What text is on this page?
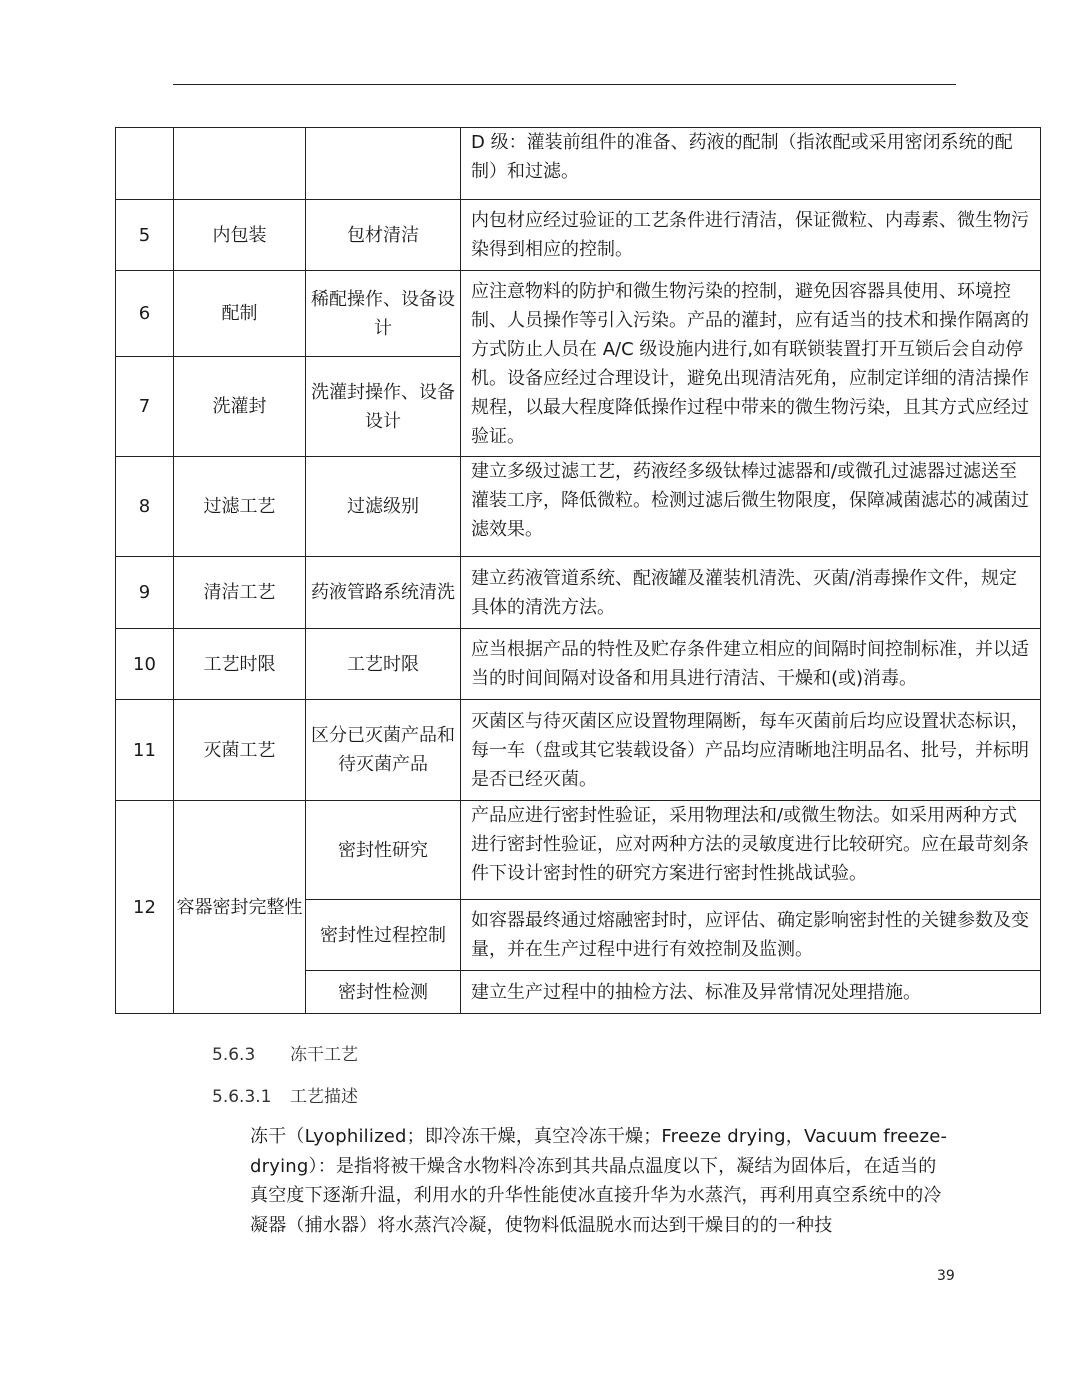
			D 级：灌装前组件的准备、药液的配制（指浓配或采用密闭系统的配制）和过滤。
5	内包装	包材清洁	内包材应经过验证的工艺条件进行清洁，保证微粒、内毒素、微生物污染得到相应的控制。
6	配制	稀配操作、设备设计	应注意物料的防护和微生物污染的控制，避免因容器具使用、环境控制、人员操作等引入污染。产品的灌封，应有适当的技术和操作隔离的方式防止人员在 A/C 级设施内进行,如有联锁装置打开互锁后会自动停机。设备应经过合理设计，避免出现清洁死角，应制定详细的清洁操作规程，以最大程度降低操作过程中带来的微生物污染，且其方式应经过验证。
7	洗灌封	洗灌封操作、设备设计	
8	过滤工艺	过滤级别	建立多级过滤工艺，药液经多级钛棒过滤器和/或微孔过滤器过滤送至灌装工序，降低微粒。检测过滤后微生物限度，保障减菌滤芯的减菌过滤效果。
9	清洁工艺	药液管路系统清洗	建立药液管道系统、配液罐及灌装机清洗、灭菌/消毒操作文件，规定具体的清洗方法。
10	工艺时限	工艺时限	应当根据产品的特性及贮存条件建立相应的间隔时间控制标准，并以适当的时间间隔对设备和用具进行清洁、干燥和(或)消毒。
11	灭菌工艺	区分已灭菌产品和待灭菌产品	灭菌区与待灭菌区应设置物理隔断，每车灭菌前后均应设置状态标识，每一车（盘或其它装载设备）产品均应清晰地注明品名、批号，并标明是否已经灭菌。
12	容器密封完整性	密封性研究	产品应进行密封性验证，采用物理法和/或微生物法。如采用两种方式进行密封性验证，应对两种方法的灵敏度进行比较研究。应在最苛刻条件下设计密封性的研究方案进行密封性挑战试验。
		密封性过程控制	如容器最终通过熔融密封时，应评估、确定影响密封性的关键参数及变量，并在生产过程中进行有效控制及监测。
		密封性检测	建立生产过程中的抽检方法、标准及异常情况处理措施。
5.6.3 冻干工艺
5.6.3.1 工艺描述
冻干（Lyophilized；即冷冻干燥，真空冷冻干燥；Freeze drying，Vacuum freeze-drying）：是指将被干燥含水物料冷冻到其共晶点温度以下，凝结为固体后，在适当的真空度下逐渐升温，利用水的升华性能使冰直接升华为水蒸汽，再利用真空系统中的冷凝器（捕水器）将水蒸汽冷凝，使物料低温脱水而达到干燥目的的一种技
39
